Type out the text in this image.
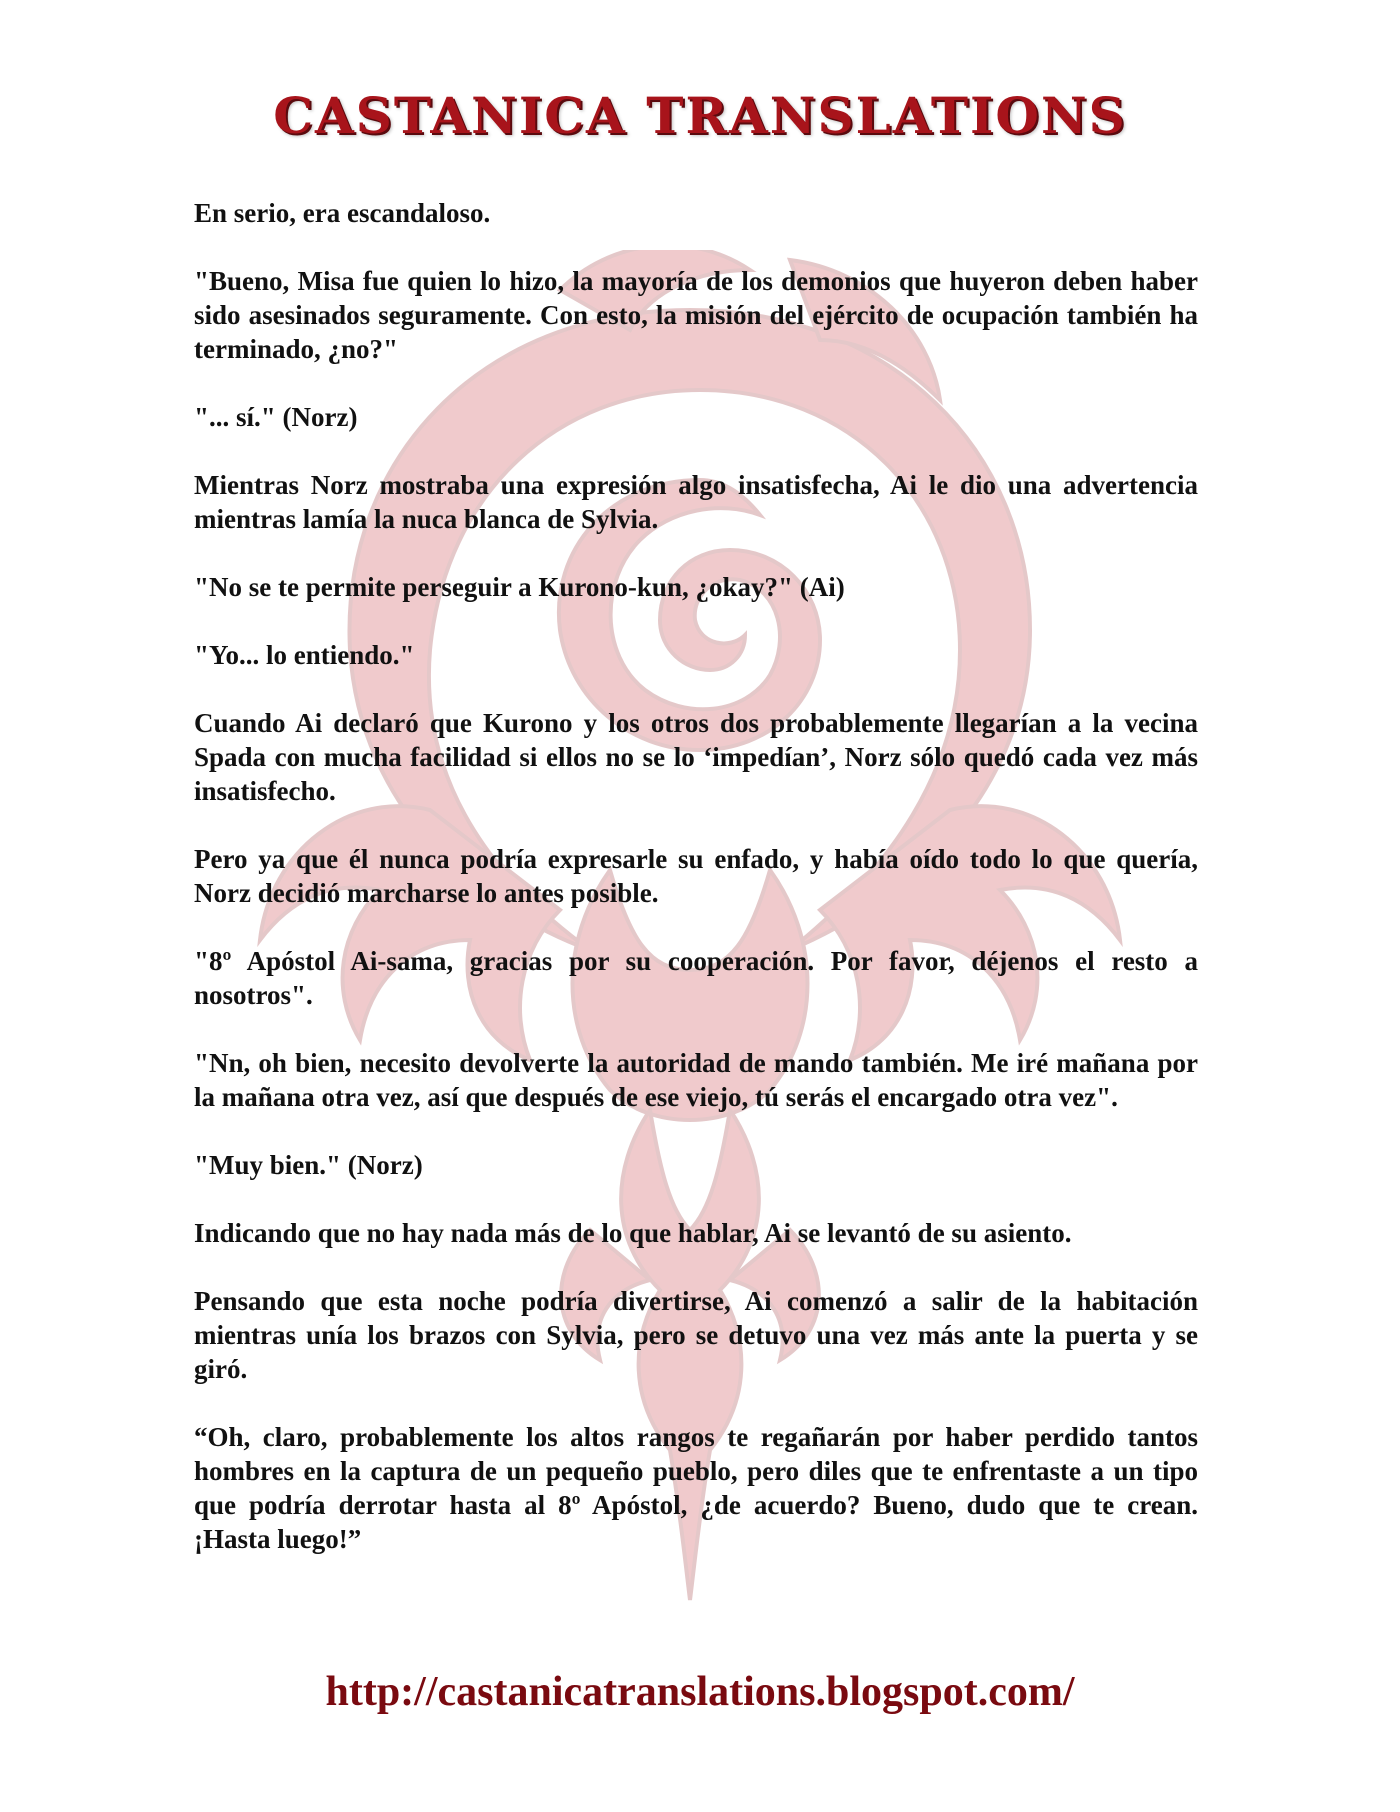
CASTANICA TRANSLATIONS

En serio, era escandaloso.

"Bueno, Misa fue quien lo hizo, la mayoría de los demonios que huyeron deben haber sido asesinados seguramente. Con esto, la misión del ejército de ocupación también ha terminado, ¿no?"

"... sí." (Norz)

Mientras Norz mostraba una expresión algo insatisfecha, Ai le dio una advertencia mientras lamía la nuca blanca de Sylvia.

"No se te permite perseguir a Kurono-kun, ¿okay?" (Ai)

"Yo... lo entiendo."

Cuando Ai declaró que Kurono y los otros dos probablemente llegarían a la vecina Spada con mucha facilidad si ellos no se lo ‘impedían’, Norz sólo quedó cada vez más insatisfecho.

Pero ya que él nunca podría expresarle su enfado, y había oído todo lo que quería, Norz decidió marcharse lo antes posible.

"8º Apóstol Ai-sama, gracias por su cooperación. Por favor, déjenos el resto a nosotros".

"Nn, oh bien, necesito devolverte la autoridad de mando también. Me iré mañana por la mañana otra vez, así que después de ese viejo, tú serás el encargado otra vez".

"Muy bien." (Norz)

Indicando que no hay nada más de lo que hablar, Ai se levantó de su asiento.

Pensando que esta noche podría divertirse, Ai comenzó a salir de la habitación mientras unía los brazos con Sylvia, pero se detuvo una vez más ante la puerta y se giró.

“Oh, claro, probablemente los altos rangos te regañarán por haber perdido tantos hombres en la captura de un pequeño pueblo, pero diles que te enfrentaste a un tipo que podría derrotar hasta al 8º Apóstol, ¿de acuerdo? Bueno, dudo que te crean. ¡Hasta luego!”

http://castanicatranslations.blogspot.com/
